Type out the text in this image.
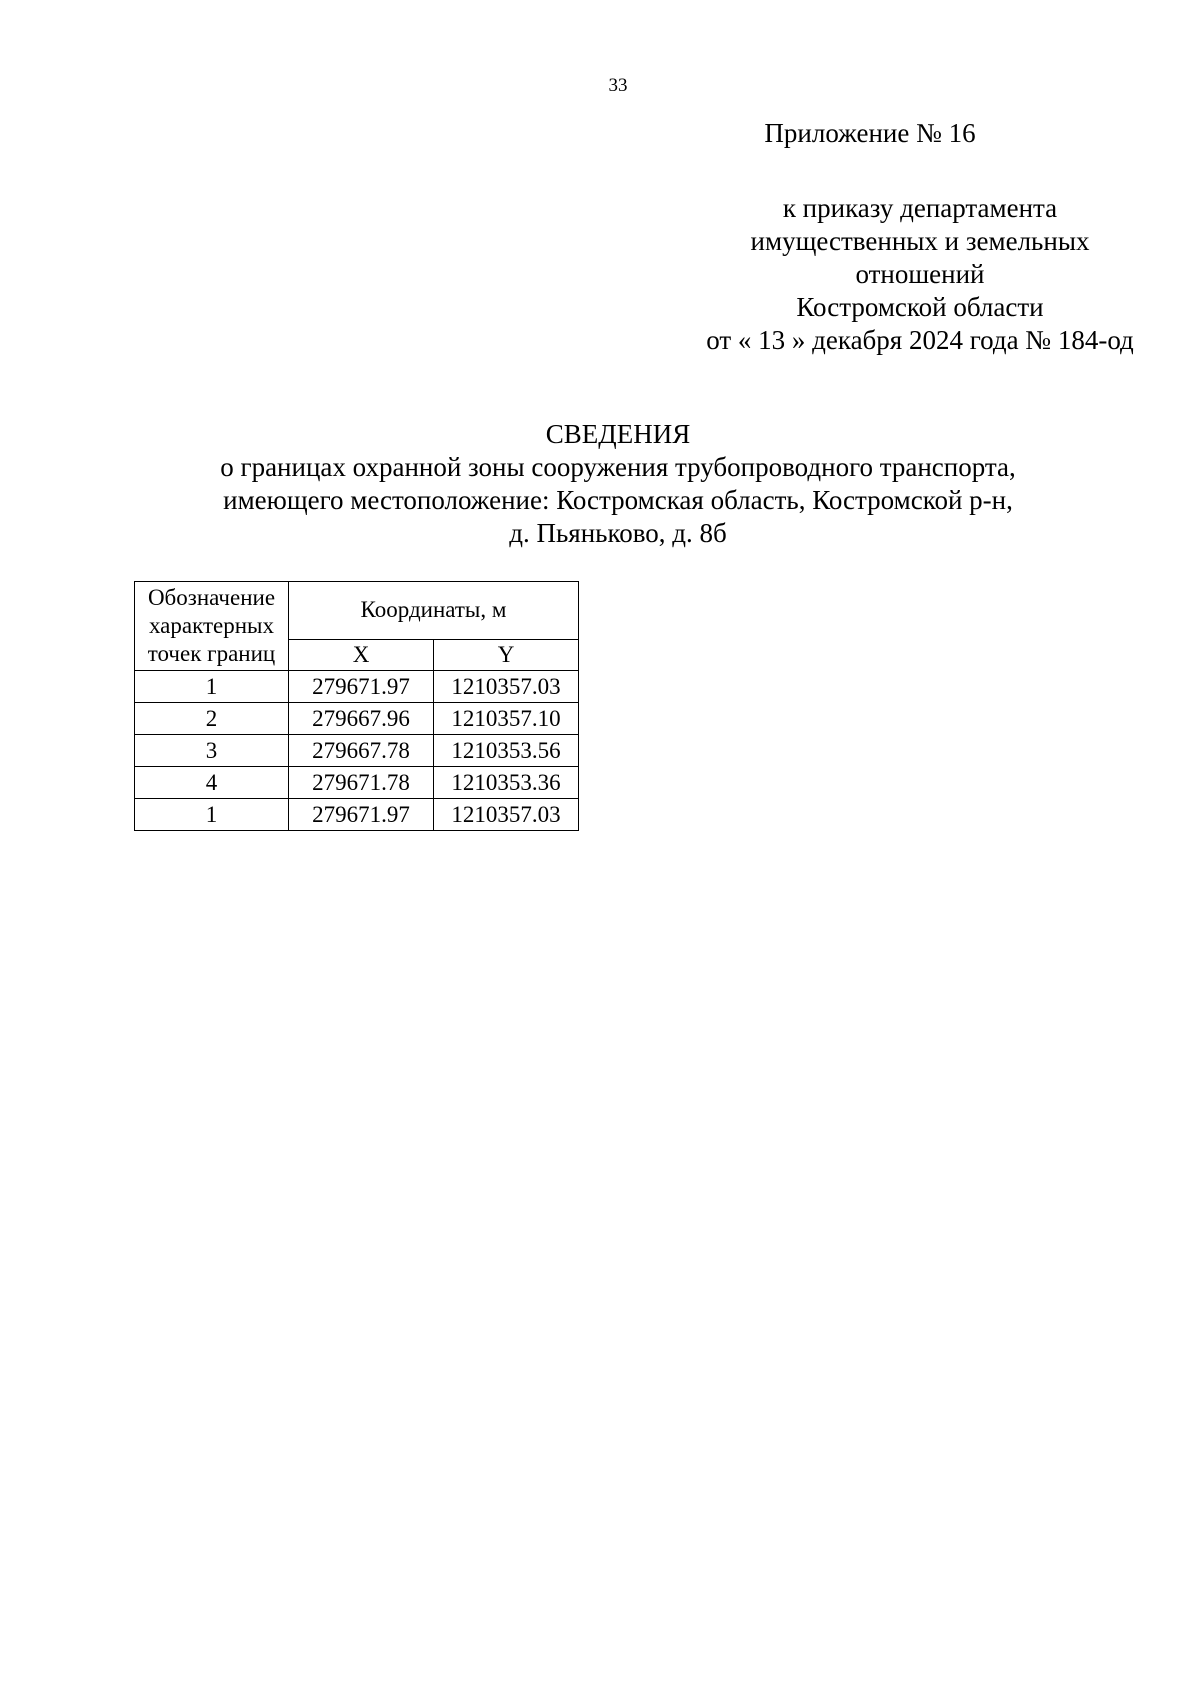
33
Приложение № 16
к приказу департамента
имущественных и земельных
отношений
Костромской области
от « 13 » декабря 2024 года № 184-од
СВЕДЕНИЯ
о границах охранной зоны сооружения трубопроводного транспорта,
имеющего местоположение: Костромская область, Костромской р-н,
д. Пьяньково, д. 8б
Обозначение
характерных
точек границ	Координаты, м	
	X	Y
1	279671.97	1210357.03
2	279667.96	1210357.10
3	279667.78	1210353.56
4	279671.78	1210353.36
1	279671.97	1210357.03
